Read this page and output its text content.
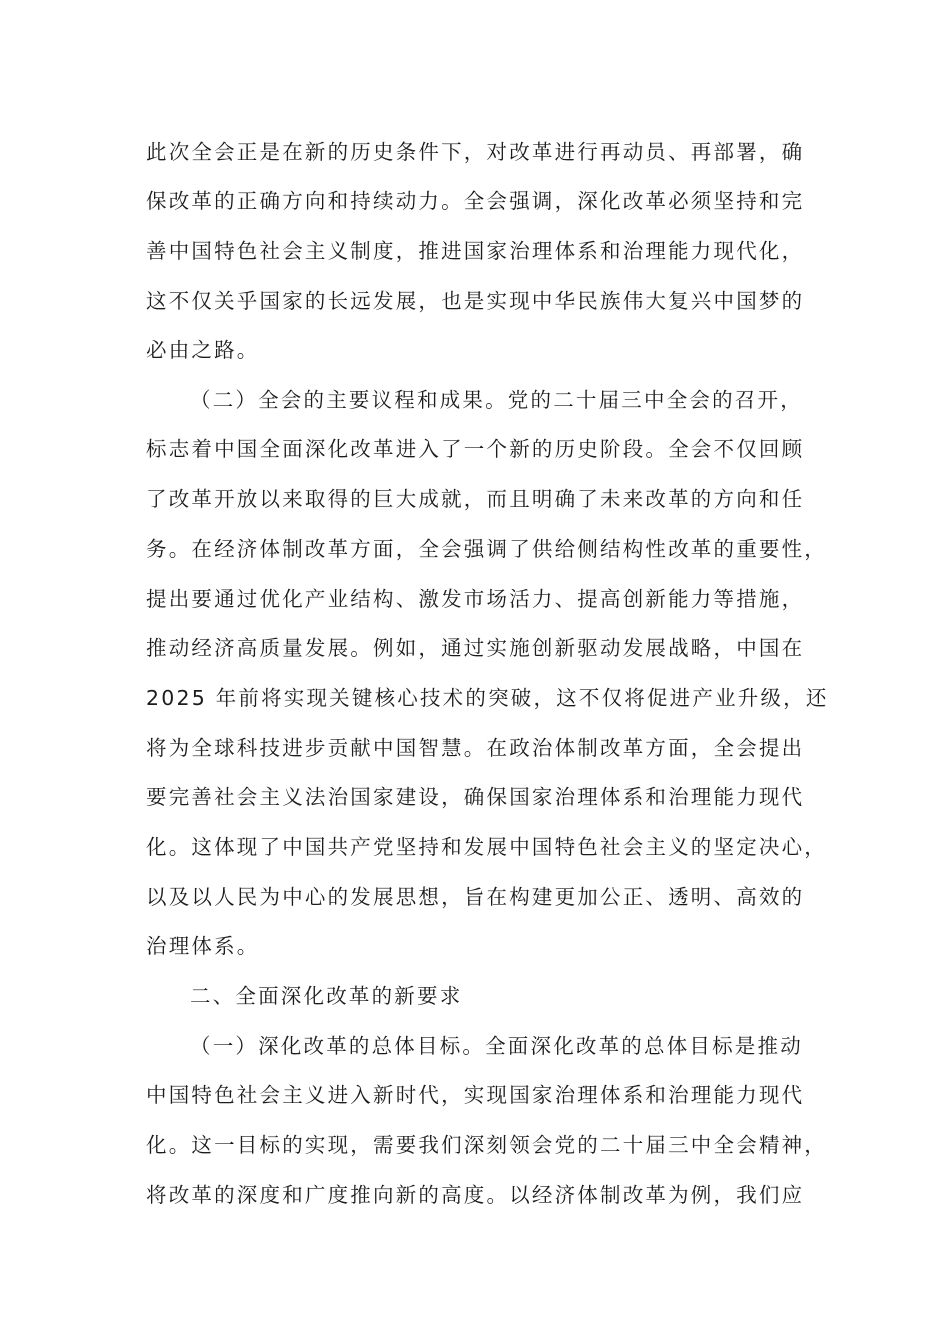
此次全会正是在新的历史条件下，对改革进行再动员、再部署，确
保改革的正确方向和持续动力。全会强调，深化改革必须坚持和完
善中国特色社会主义制度，推进国家治理体系和治理能力现代化，
这不仅关乎国家的长远发展，也是实现中华民族伟大复兴中国梦的
必由之路。
（二）全会的主要议程和成果。党的二十届三中全会的召开，
标志着中国全面深化改革进入了一个新的历史阶段。全会不仅回顾
了改革开放以来取得的巨大成就，而且明确了未来改革的方向和任
务。在经济体制改革方面，全会强调了供给侧结构性改革的重要性，
提出要通过优化产业结构、激发市场活力、提高创新能力等措施，
推动经济高质量发展。例如，通过实施创新驱动发展战略，中国在
2025 年前将实现关键核心技术的突破，这不仅将促进产业升级，还
将为全球科技进步贡献中国智慧。在政治体制改革方面，全会提出
要完善社会主义法治国家建设，确保国家治理体系和治理能力现代
化。这体现了中国共产党坚持和发展中国特色社会主义的坚定决心，
以及以人民为中心的发展思想，旨在构建更加公正、透明、高效的
治理体系。
二、全面深化改革的新要求
（一）深化改革的总体目标。全面深化改革的总体目标是推动
中国特色社会主义进入新时代，实现国家治理体系和治理能力现代
化。这一目标的实现，需要我们深刻领会党的二十届三中全会精神，
将改革的深度和广度推向新的高度。以经济体制改革为例，我们应
